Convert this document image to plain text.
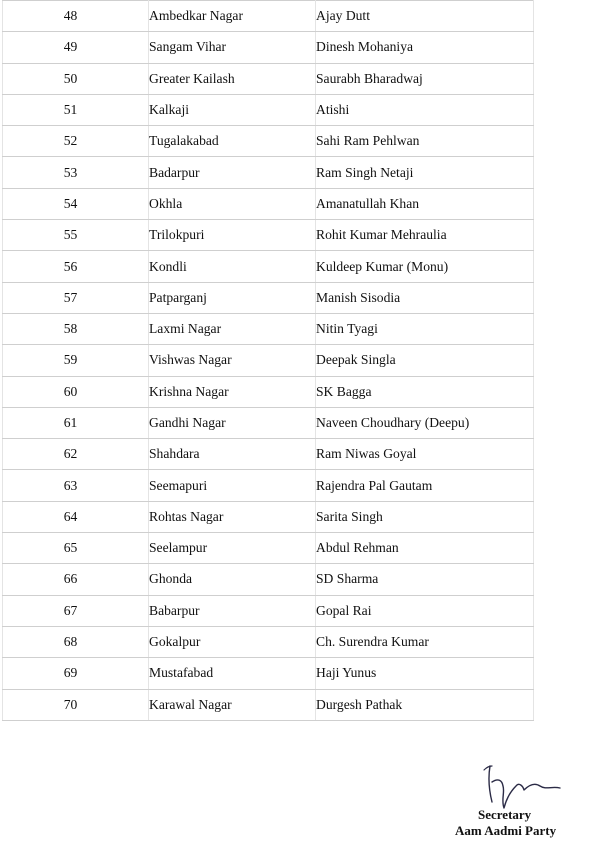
48	Ambedkar Nagar	Ajay Dutt
49	Sangam Vihar	Dinesh Mohaniya
50	Greater Kailash	Saurabh Bharadwaj
51	Kalkaji	Atishi
52	Tugalakabad	Sahi Ram Pehlwan
53	Badarpur	Ram Singh Netaji
54	Okhla	Amanatullah Khan
55	Trilokpuri	Rohit Kumar Mehraulia
56	Kondli	Kuldeep Kumar (Monu)
57	Patparganj	Manish Sisodia
58	Laxmi Nagar	Nitin Tyagi
59	Vishwas Nagar	Deepak Singla
60	Krishna Nagar	SK Bagga
61	Gandhi Nagar	Naveen Choudhary (Deepu)
62	Shahdara	Ram Niwas Goyal
63	Seemapuri	Rajendra Pal Gautam
64	Rohtas Nagar	Sarita Singh
65	Seelampur	Abdul Rehman
66	Ghonda	SD Sharma
67	Babarpur	Gopal Rai
68	Gokalpur	Ch. Surendra Kumar
69	Mustafabad	Haji Yunus
70	Karawal Nagar	Durgesh Pathak
Secretary
Aam Aadmi Party
